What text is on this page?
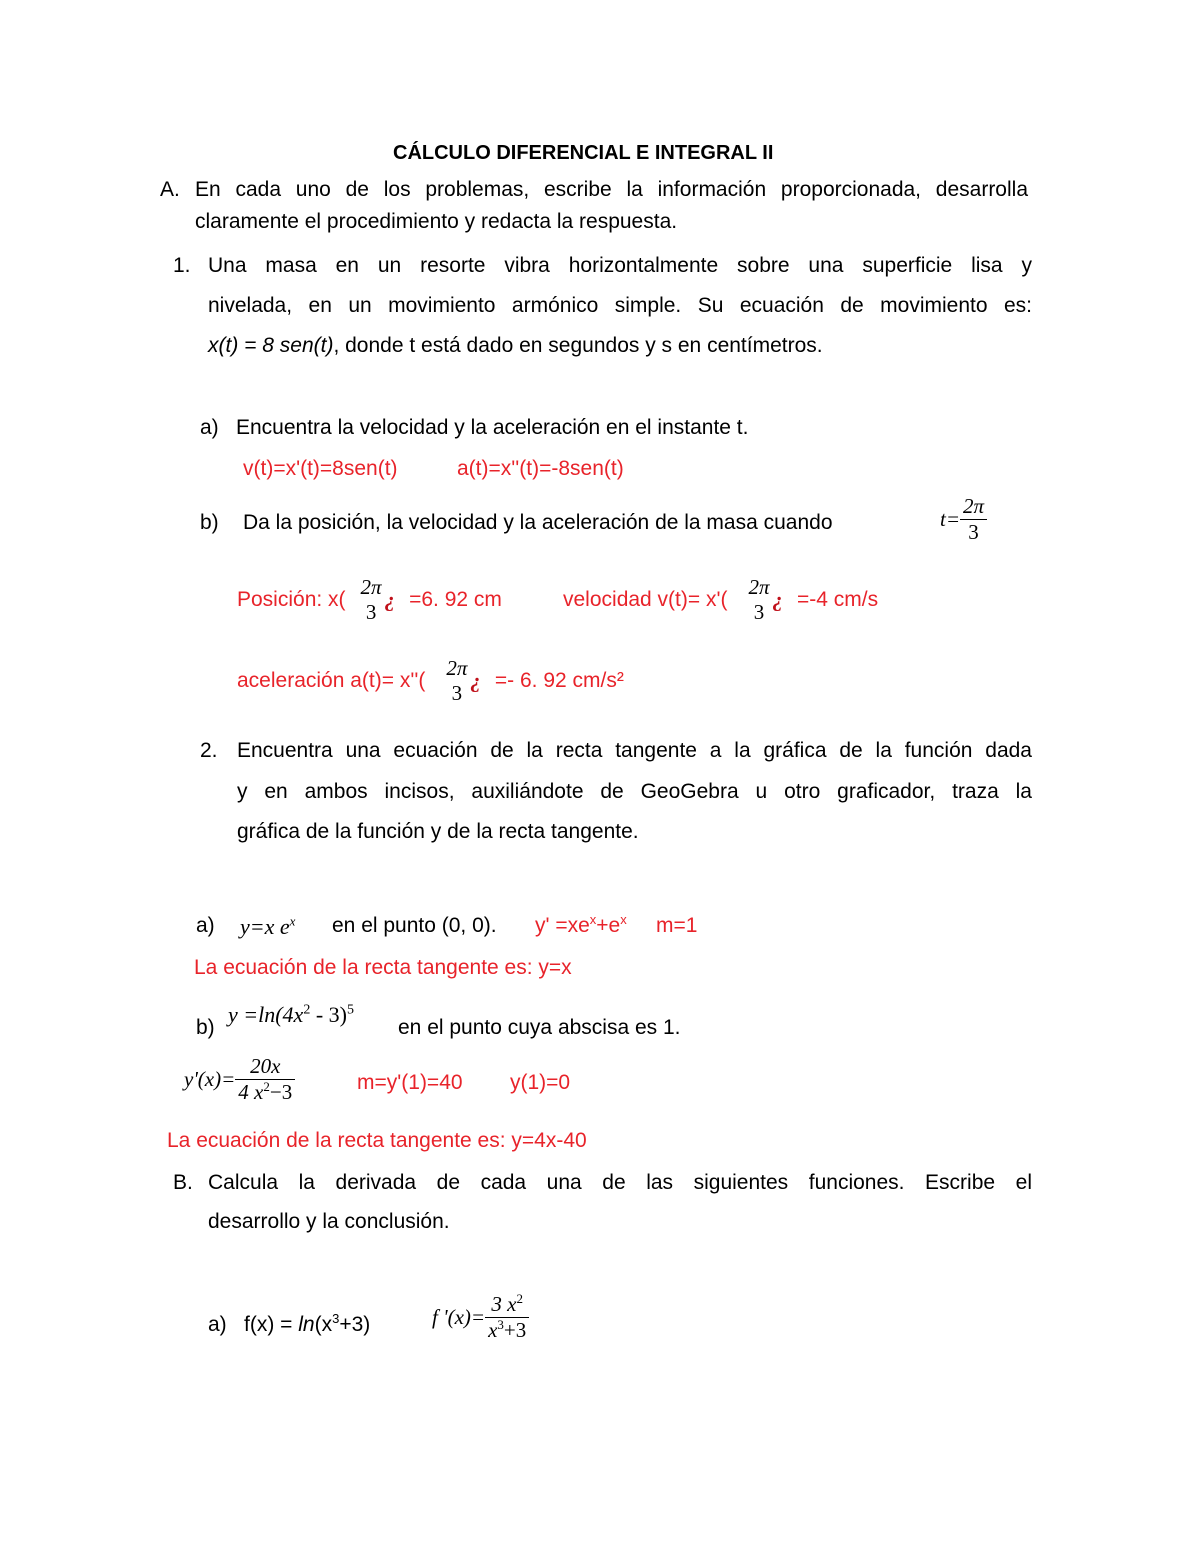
CÁLCULO DIFERENCIAL E INTEGRAL II
A. En cada uno de los problemas, escribe la información proporcionada, desarrolla
claramente el procedimiento y redacta la respuesta.
1. Una masa en un resorte vibra horizontalmente sobre una superficie lisa y
nivelada, en un movimiento armónico simple. Su ecuación de movimiento es:
x(t) = 8 sen(t), donde t está dado en segundos y s en centímetros.
a) Encuentra la velocidad y la aceleración en el instante t.
v(t)=x'(t)=8sen(t)	a(t)=x''(t)=-8sen(t)
b) Da la posición, la velocidad y la aceleración de la masa cuando	$t= \frac{2\pi}{3}$
Posición: x(
2π
3
¿ =6. 92 cm	velocidad v(t)= x'(
2π
3
¿ =-4 cm/s
aceleración a(t)= x''(
2π
3
¿ =- 6. 92 cm/s²
2. Encuentra una ecuación de la recta tangente a la gráfica de la función dada
y en ambos incisos, auxiliándote de GeoGebra u otro graficador, traza la
gráfica de la función y de la recta tangente.
a) y=x $e^x$ en el punto (0, 0). $y' =xe^x+e^x$ m=1
La ecuación de la recta tangente es: y=x
b)
$y =\ln(4x^2 - 3)^5$
en el punto cuya abscisa es 1.
$y'(x)= \frac{20x}{4 x^2-3}$	m=y'(1)=40 y(1)=0
La ecuación de la recta tangente es: y=4x-40
B. Calcula la derivada de cada una de las siguientes funciones. Escribe el
desarrollo y la conclusión.
a) $f(x) = \ln(x^3+3)$	f '$(x)= \frac{3 x^2}{x^3+3}$
